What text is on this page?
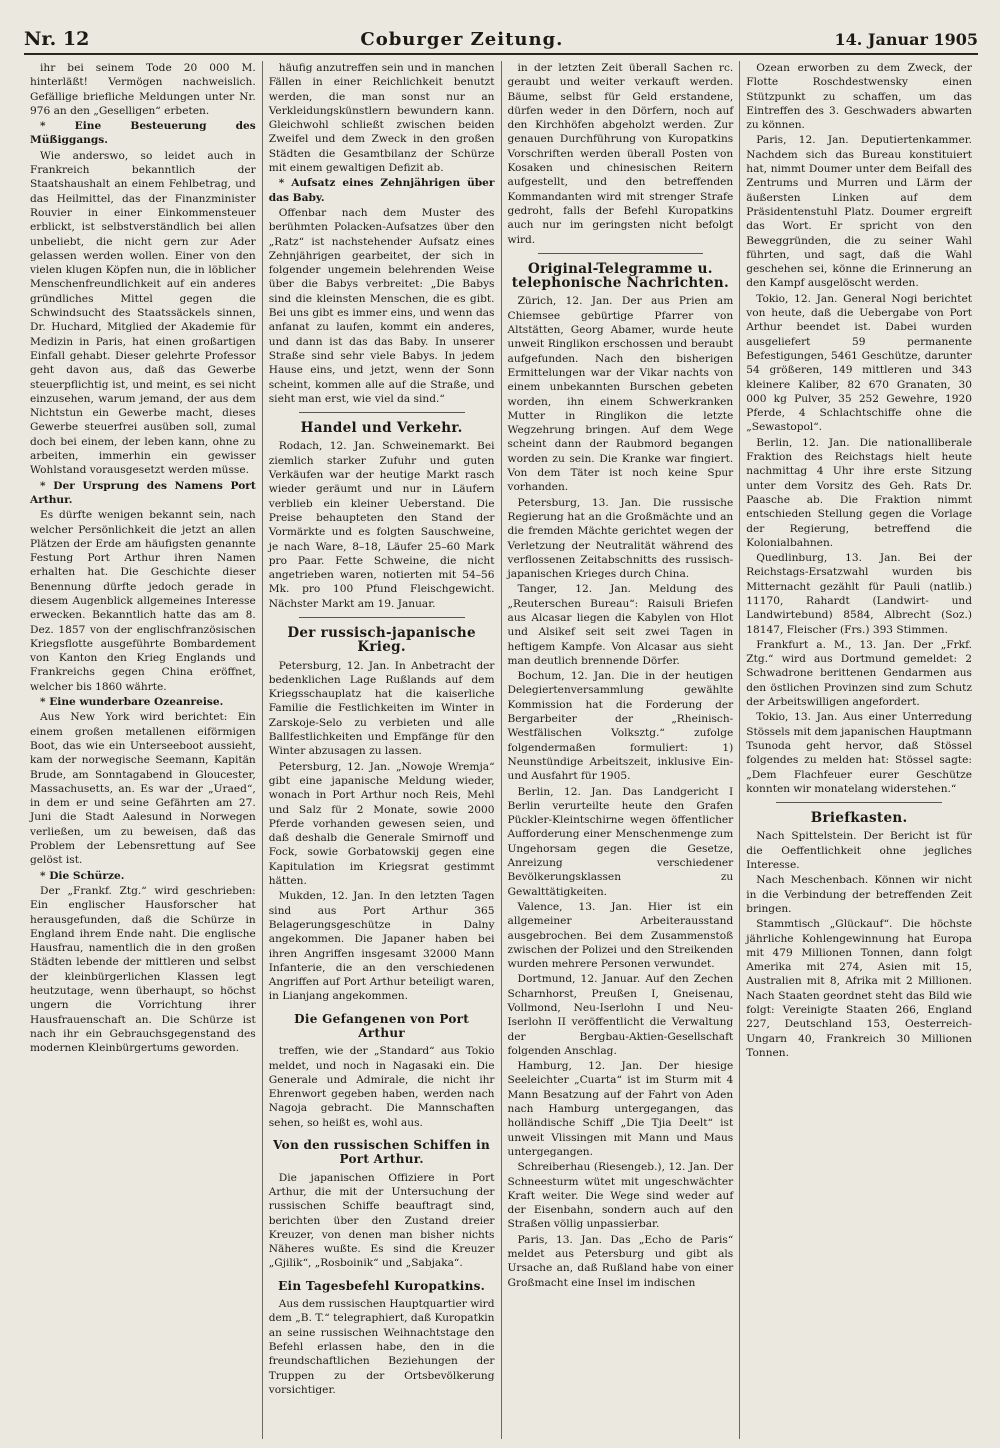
Nr. 12	Coburger Zeitung.	14. Januar 1905

ihr bei seinem Tode 20 000 M. hinterläßt! Vermögen nachweislich. Gefällige briefliche Meldungen unter Nr. 976 an den „Geselligen“ erbeten.

* Eine Besteuerung des Müßiggangs.

Wie anderswo, so leidet auch in Frankreich bekanntlich der Staatshaushalt an einem Fehlbetrag, und das Heilmittel, das der Finanzminister Rouvier in einer Einkommensteuer erblickt, ist selbstverständlich bei allen unbeliebt, die nicht gern zur Ader gelassen werden wollen. Einer von den vielen klugen Köpfen nun, die in löblicher Menschenfreundlichkeit auf ein anderes gründliches Mittel gegen die Schwindsucht des Staatssäckels sinnen, Dr. Huchard, Mitglied der Akademie für Medizin in Paris, hat einen großartigen Einfall gehabt. Dieser gelehrte Professor geht davon aus, daß das Gewerbe steuerpflichtig ist, und meint, es sei nicht einzusehen, warum jemand, der aus dem Nichtstun ein Gewerbe macht, dieses Gewerbe steuerfrei ausüben soll, zumal doch bei einem, der leben kann, ohne zu arbeiten, immerhin ein gewisser Wohlstand vorausgesetzt werden müsse.

* Der Ursprung des Namens Port Arthur.

Es dürfte wenigen bekannt sein, nach welcher Persönlichkeit die jetzt an allen Plätzen der Erde am häufigsten genannte Festung Port Arthur ihren Namen erhalten hat. Die Geschichte dieser Benennung dürfte jedoch gerade in diesem Augenblick allgemeines Interesse erwecken. Bekanntlich hatte das am 8. Dez. 1857 von der englischfranzösischen Kriegsflotte ausgeführte Bombardement von Kanton den Krieg Englands und Frankreichs gegen China eröffnet, welcher bis 1860 währte.

* Eine wunderbare Ozeanreise.

Aus New York wird berichtet: Ein einem großen metallenen eiförmigen Boot, das wie ein Unterseeboot aussieht, kam der norwegische Seemann, Kapitän Brude, am Sonntagabend in Gloucester, Massachusetts, an. Es war der „Uraed“, in dem er und seine Gefährten am 27. Juni die Stadt Aalesund in Norwegen verließen, um zu beweisen, daß das Problem der Lebensrettung auf See gelöst ist.

* Die Schürze.

Der „Frankf. Ztg.“ wird geschrieben: Ein englischer Hausforscher hat herausgefunden, daß die Schürze in England ihrem Ende naht. Die englische Hausfrau, namentlich die in den großen Städten lebende der mittleren und selbst der kleinbürgerlichen Klassen legt heutzutage, wenn überhaupt, so höchst ungern die Vorrichtung ihrer Hausfrauenschaft an. Die Schürze ist nach ihr ein Gebrauchsgegenstand des modernen Kleinbürgertums geworden.

häufig anzutreffen sein und in manchen Fällen in einer Reichlichkeit benutzt werden, die man sonst nur an Verkleidungskünstlern bewundern kann. Gleichwohl schließt zwischen beiden Zweifel und dem Zweck in den großen Städten die Gesamtbilanz der Schürze mit einem gewaltigen Defizit ab.

* Aufsatz eines Zehnjährigen über das Baby.

Offenbar nach dem Muster des berühmten Polacken-Aufsatzes über den „Ratz“ ist nachstehender Aufsatz eines Zehnjährigen gearbeitet, der sich in folgender ungemein belehrenden Weise über die Babys verbreitet: „Die Babys sind die kleinsten Menschen, die es gibt. Bei uns gibt es immer eins, und wenn das anfanat zu laufen, kommt ein anderes, und dann ist das das Baby. In unserer Straße sind sehr viele Babys. In jedem Hause eins, und jetzt, wenn der Sonn scheint, kommen alle auf die Straße, und sieht man erst, wie viel da sind.“

Handel und Verkehr.

Rodach, 12. Jan. Schweinemarkt. Bei ziemlich starker Zufuhr und guten Verkäufen war der heutige Markt rasch wieder geräumt und nur in Läufern verblieb ein kleiner Ueberstand. Die Preise behaupteten den Stand der Vormärkte und es folgten Sauschweine, je nach Ware, 8–18, Läufer 25–60 Mark pro Paar. Fette Schweine, die nicht angetrieben waren, notierten mit 54–56 Mk. pro 100 Pfund Fleischgewicht. Nächster Markt am 19. Januar.

Der russisch-japanische Krieg.

Petersburg, 12. Jan. In Anbetracht der bedenklichen Lage Rußlands auf dem Kriegsschauplatz hat die kaiserliche Familie die Festlichkeiten im Winter in Zarskoje-Selo zu verbieten und alle Ballfestlichkeiten und Empfänge für den Winter abzusagen zu lassen.

Petersburg, 12. Jan. „Nowoje Wremja“ gibt eine japanische Meldung wieder, wonach in Port Arthur noch Reis, Mehl und Salz für 2 Monate, sowie 2000 Pferde vorhanden gewesen seien, und daß deshalb die Generale Smirnoff und Fock, sowie Gorbatowskij gegen eine Kapitulation im Kriegsrat gestimmt hätten.

Mukden, 12. Jan. In den letzten Tagen sind aus Port Arthur 365 Belagerungsgeschütze in Dalny angekommen. Die Japaner haben bei ihren Angriffen insgesamt 32000 Mann Infanterie, die an den verschiedenen Angriffen auf Port Arthur beteiligt waren, in Lianjang angekommen.

Die Gefangenen von Port Arthur

treffen, wie der „Standard“ aus Tokio meldet, und noch in Nagasaki ein. Die Generale und Admirale, die nicht ihr Ehrenwort gegeben haben, werden nach Nagoja gebracht. Die Mannschaften sehen, so heißt es, wohl aus.

Von den russischen Schiffen in Port Arthur.

Die japanischen Offiziere in Port Arthur, die mit der Untersuchung der russischen Schiffe beauftragt sind, berichten über den Zustand dreier Kreuzer, von denen man bisher nichts Näheres wußte. Es sind die Kreuzer „Gjilik“, „Rosboinik“ und „Sabjaka“.

Ein Tagesbefehl Kuropatkins.

Aus dem russischen Hauptquartier wird dem „B. T.“ telegraphiert, daß Kuropatkin an seine russischen Weihnachtstage den Befehl erlassen habe, den in die freundschaftlichen Beziehungen der Truppen zu der Ortsbevölkerung vorsichtiger.

in der letzten Zeit überall Sachen rc. geraubt und weiter verkauft werden. Bäume, selbst für Geld erstandene, dürfen weder in den Dörfern, noch auf den Kirchhöfen abgeholzt werden. Zur genauen Durchführung von Kuropatkins Vorschriften werden überall Posten von Kosaken und chinesischen Reitern aufgestellt, und den betreffenden Kommandanten wird mit strenger Strafe gedroht, falls der Befehl Kuropatkins auch nur im geringsten nicht befolgt wird.

Original-Telegramme u. telephonische Nachrichten.

Zürich, 12. Jan. Der aus Prien am Chiemsee gebürtige Pfarrer von Altstätten, Georg Abamer, wurde heute unweit Ringlikon erschossen und beraubt aufgefunden. Nach den bisherigen Ermittelungen war der Vikar nachts von einem unbekannten Burschen gebeten worden, ihn einem Schwerkranken Mutter in Ringlikon die letzte Wegzehrung bringen. Auf dem Wege scheint dann der Raubmord begangen worden zu sein. Die Kranke war fingiert. Von dem Täter ist noch keine Spur vorhanden.

Petersburg, 13. Jan. Die russische Regierung hat an die Großmächte und an die fremden Mächte gerichtet wegen der Verletzung der Neutralität während des verflossenen Zeitabschnitts des russisch-japanischen Krieges durch China.

Tanger, 12. Jan. Meldung des „Reuterschen Bureau“: Raisuli Briefen aus Alcasar liegen die Kabylen von Hlot und Alsikef seit seit zwei Tagen in heftigem Kampfe. Von Alcasar aus sieht man deutlich brennende Dörfer.

Bochum, 12. Jan. Die in der heutigen Delegiertenversammlung gewählte Kommission hat die Forderung der Bergarbeiter der „Rheinisch-Westfälischen Volksztg.“ zufolge folgendermaßen formuliert: 1) Neunstündige Arbeitszeit, inklusive Ein- und Ausfahrt für 1905.

Berlin, 12. Jan. Das Landgericht I Berlin verurteilte heute den Grafen Pückler-Kleintschirne wegen öffentlicher Aufforderung einer Menschenmenge zum Ungehorsam gegen die Gesetze, Anreizung verschiedener Bevölkerungsklassen zu Gewalttätigkeiten.

Valence, 13. Jan. Hier ist ein allgemeiner Arbeiterausstand ausgebrochen. Bei dem Zusammenstoß zwischen der Polizei und den Streikenden wurden mehrere Personen verwundet.

Dortmund, 12. Januar. Auf den Zechen Scharnhorst, Preußen I, Gneisenau, Vollmond, Neu-Iserlohn I und Neu-Iserlohn II veröffentlicht die Verwaltung der Bergbau-Aktien-Gesellschaft folgenden Anschlag.

Hamburg, 12. Jan. Der hiesige Seeleichter „Cuarta“ ist im Sturm mit 4 Mann Besatzung auf der Fahrt von Aden nach Hamburg untergegangen, das holländische Schiff „Die Tjia Deelt“ ist unweit Vlissingen mit Mann und Maus untergegangen.

Schreiberhau (Riesengeb.), 12. Jan. Der Schneesturm wütet mit ungeschwächter Kraft weiter. Die Wege sind weder auf der Eisenbahn, sondern auch auf den Straßen völlig unpassierbar.

Paris, 13. Jan. Das „Echo de Paris“ meldet aus Petersburg und gibt als Ursache an, daß Rußland habe von einer Großmacht eine Insel im indischen

Ozean erworben zu dem Zweck, der Flotte Roschdestwensky einen Stützpunkt zu schaffen, um das Eintreffen des 3. Geschwaders abwarten zu können.

Paris, 12. Jan. Deputiertenkammer. Nachdem sich das Bureau konstituiert hat, nimmt Doumer unter dem Beifall des Zentrums und Murren und Lärm der äußersten Linken auf dem Präsidentenstuhl Platz. Doumer ergreift das Wort. Er spricht von den Beweggründen, die zu seiner Wahl führten, und sagt, daß die Wahl geschehen sei, könne die Erinnerung an den Kampf ausgelöscht werden.

Tokio, 12. Jan. General Nogi berichtet von heute, daß die Uebergabe von Port Arthur beendet ist. Dabei wurden ausgeliefert 59 permanente Befestigungen, 5461 Geschütze, darunter 54 größeren, 149 mittleren und 343 kleinere Kaliber, 82 670 Granaten, 30 000 kg Pulver, 35 252 Gewehre, 1920 Pferde, 4 Schlachtschiffe ohne die „Sewastopol“.

Berlin, 12. Jan. Die nationalliberale Fraktion des Reichstags hielt heute nachmittag 4 Uhr ihre erste Sitzung unter dem Vorsitz des Geh. Rats Dr. Paasche ab. Die Fraktion nimmt entschieden Stellung gegen die Vorlage der Regierung, betreffend die Kolonialbahnen.

Quedlinburg, 13. Jan. Bei der Reichstags-Ersatzwahl wurden bis Mitternacht gezählt für Pauli (natlib.) 11170, Rahardt (Landwirt- und Landwirtebund) 8584, Albrecht (Soz.) 18147, Fleischer (Frs.) 393 Stimmen.

Frankfurt a. M., 13. Jan. Der „Frkf. Ztg.“ wird aus Dortmund gemeldet: 2 Schwadrone berittenen Gendarmen aus den östlichen Provinzen sind zum Schutz der Arbeitswilligen angefordert.

Tokio, 13. Jan. Aus einer Unterredung Stössels mit dem japanischen Hauptmann Tsunoda geht hervor, daß Stössel folgendes zu melden hat: Stössel sagte: „Dem Flachfeuer eurer Geschütze konnten wir monatelang widerstehen.“

Briefkasten.

Nach Spittelstein. Der Bericht ist für die Oeffentlichkeit ohne jegliches Interesse.

Nach Meschenbach. Können wir nicht in die Verbindung der betreffenden Zeit bringen.

Stammtisch „Glückauf“. Die höchste jährliche Kohlengewinnung hat Europa mit 479 Millionen Tonnen, dann folgt Amerika mit 274, Asien mit 15, Australien mit 8, Afrika mit 2 Millionen. Nach Staaten geordnet steht das Bild wie folgt: Vereinigte Staaten 266, England 227, Deutschland 153, Oesterreich-Ungarn 40, Frankreich 30 Millionen Tonnen.
